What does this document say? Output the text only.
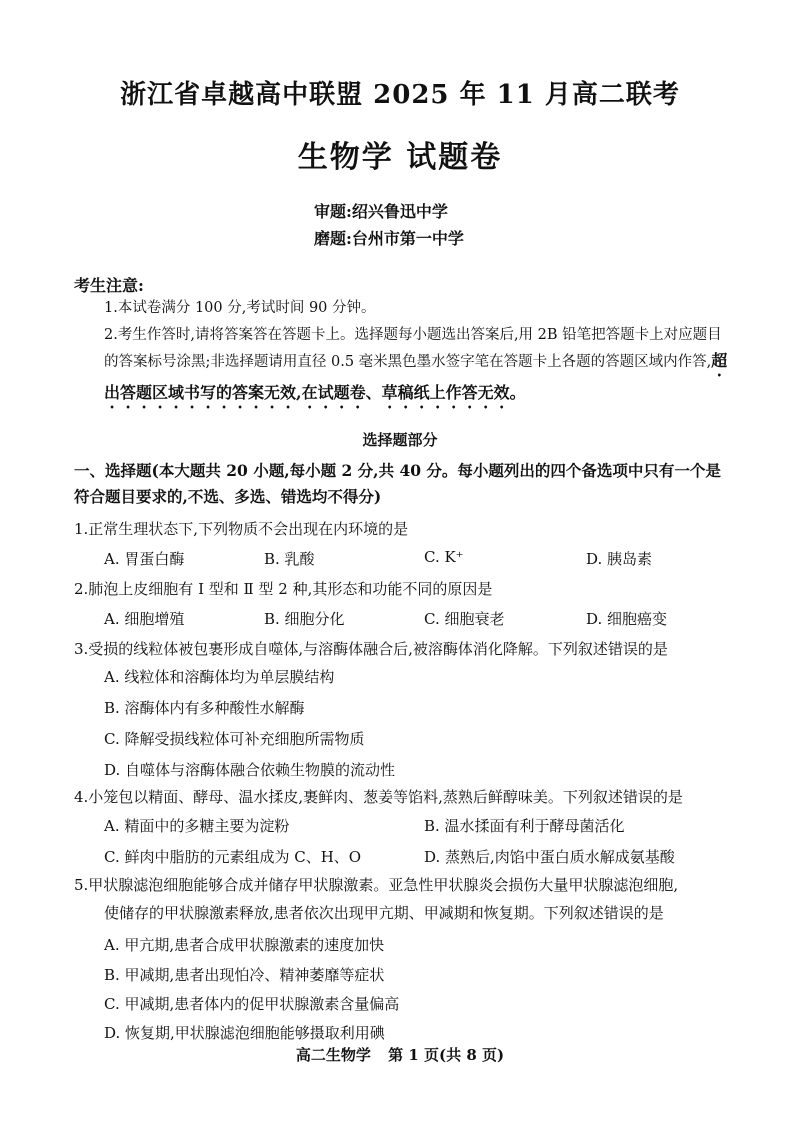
浙江省卓越高中联盟 2025 年 11 月高二联考
生物学 试题卷
审题:绍兴鲁迅中学
磨题:台州市第一中学
考生注意:
1.本试卷满分 100 分,考试时间 90 分钟。
2.考生作答时,请将答案答在答题卡上。选择题每小题选出答案后,用 2B 铅笔把答题卡上对应题目的答案标号涂黑;非选择题请用直径 0.5 毫米黑色墨水签字笔在答题卡上各题的答题区域内作答,超出答题区域书写的答案无效,在试题卷、草稿纸上作答无效。
选择题部分
一、选择题(本大题共 20 小题,每小题 2 分,共 40 分。每小题列出的四个备选项中只有一个是
符合题目要求的,不选、多选、错选均不得分)
1.正常生理状态下,下列物质不会出现在内环境的是
A. 胃蛋白酶	B. 乳酸	C. K⁺	D. 胰岛素
2.肺泡上皮细胞有 Ⅰ 型和 Ⅱ 型 2 种,其形态和功能不同的原因是
A. 细胞增殖	B. 细胞分化	C. 细胞衰老	D. 细胞癌变
3.受损的线粒体被包裹形成自噬体,与溶酶体融合后,被溶酶体消化降解。下列叙述错误的是
A. 线粒体和溶酶体均为单层膜结构
B. 溶酶体内有多种酸性水解酶
C. 降解受损线粒体可补充细胞所需物质
D. 自噬体与溶酶体融合依赖生物膜的流动性
4.小笼包以精面、酵母、温水揉皮,裹鲜肉、葱姜等馅料,蒸熟后鲜醇味美。下列叙述错误的是
A. 精面中的多糖主要为淀粉	B. 温水揉面有利于酵母菌活化
C. 鲜肉中脂肪的元素组成为 C、H、O	D. 蒸熟后,肉馅中蛋白质水解成氨基酸
5.甲状腺滤泡细胞能够合成并储存甲状腺激素。亚急性甲状腺炎会损伤大量甲状腺滤泡细胞,
使储存的甲状腺激素释放,患者依次出现甲亢期、甲减期和恢复期。下列叙述错误的是
A. 甲亢期,患者合成甲状腺激素的速度加快
B. 甲减期,患者出现怕冷、精神萎靡等症状
C. 甲减期,患者体内的促甲状腺激素含量偏高
D. 恢复期,甲状腺滤泡细胞能够摄取利用碘
高二生物学 第 1 页(共 8 页)
